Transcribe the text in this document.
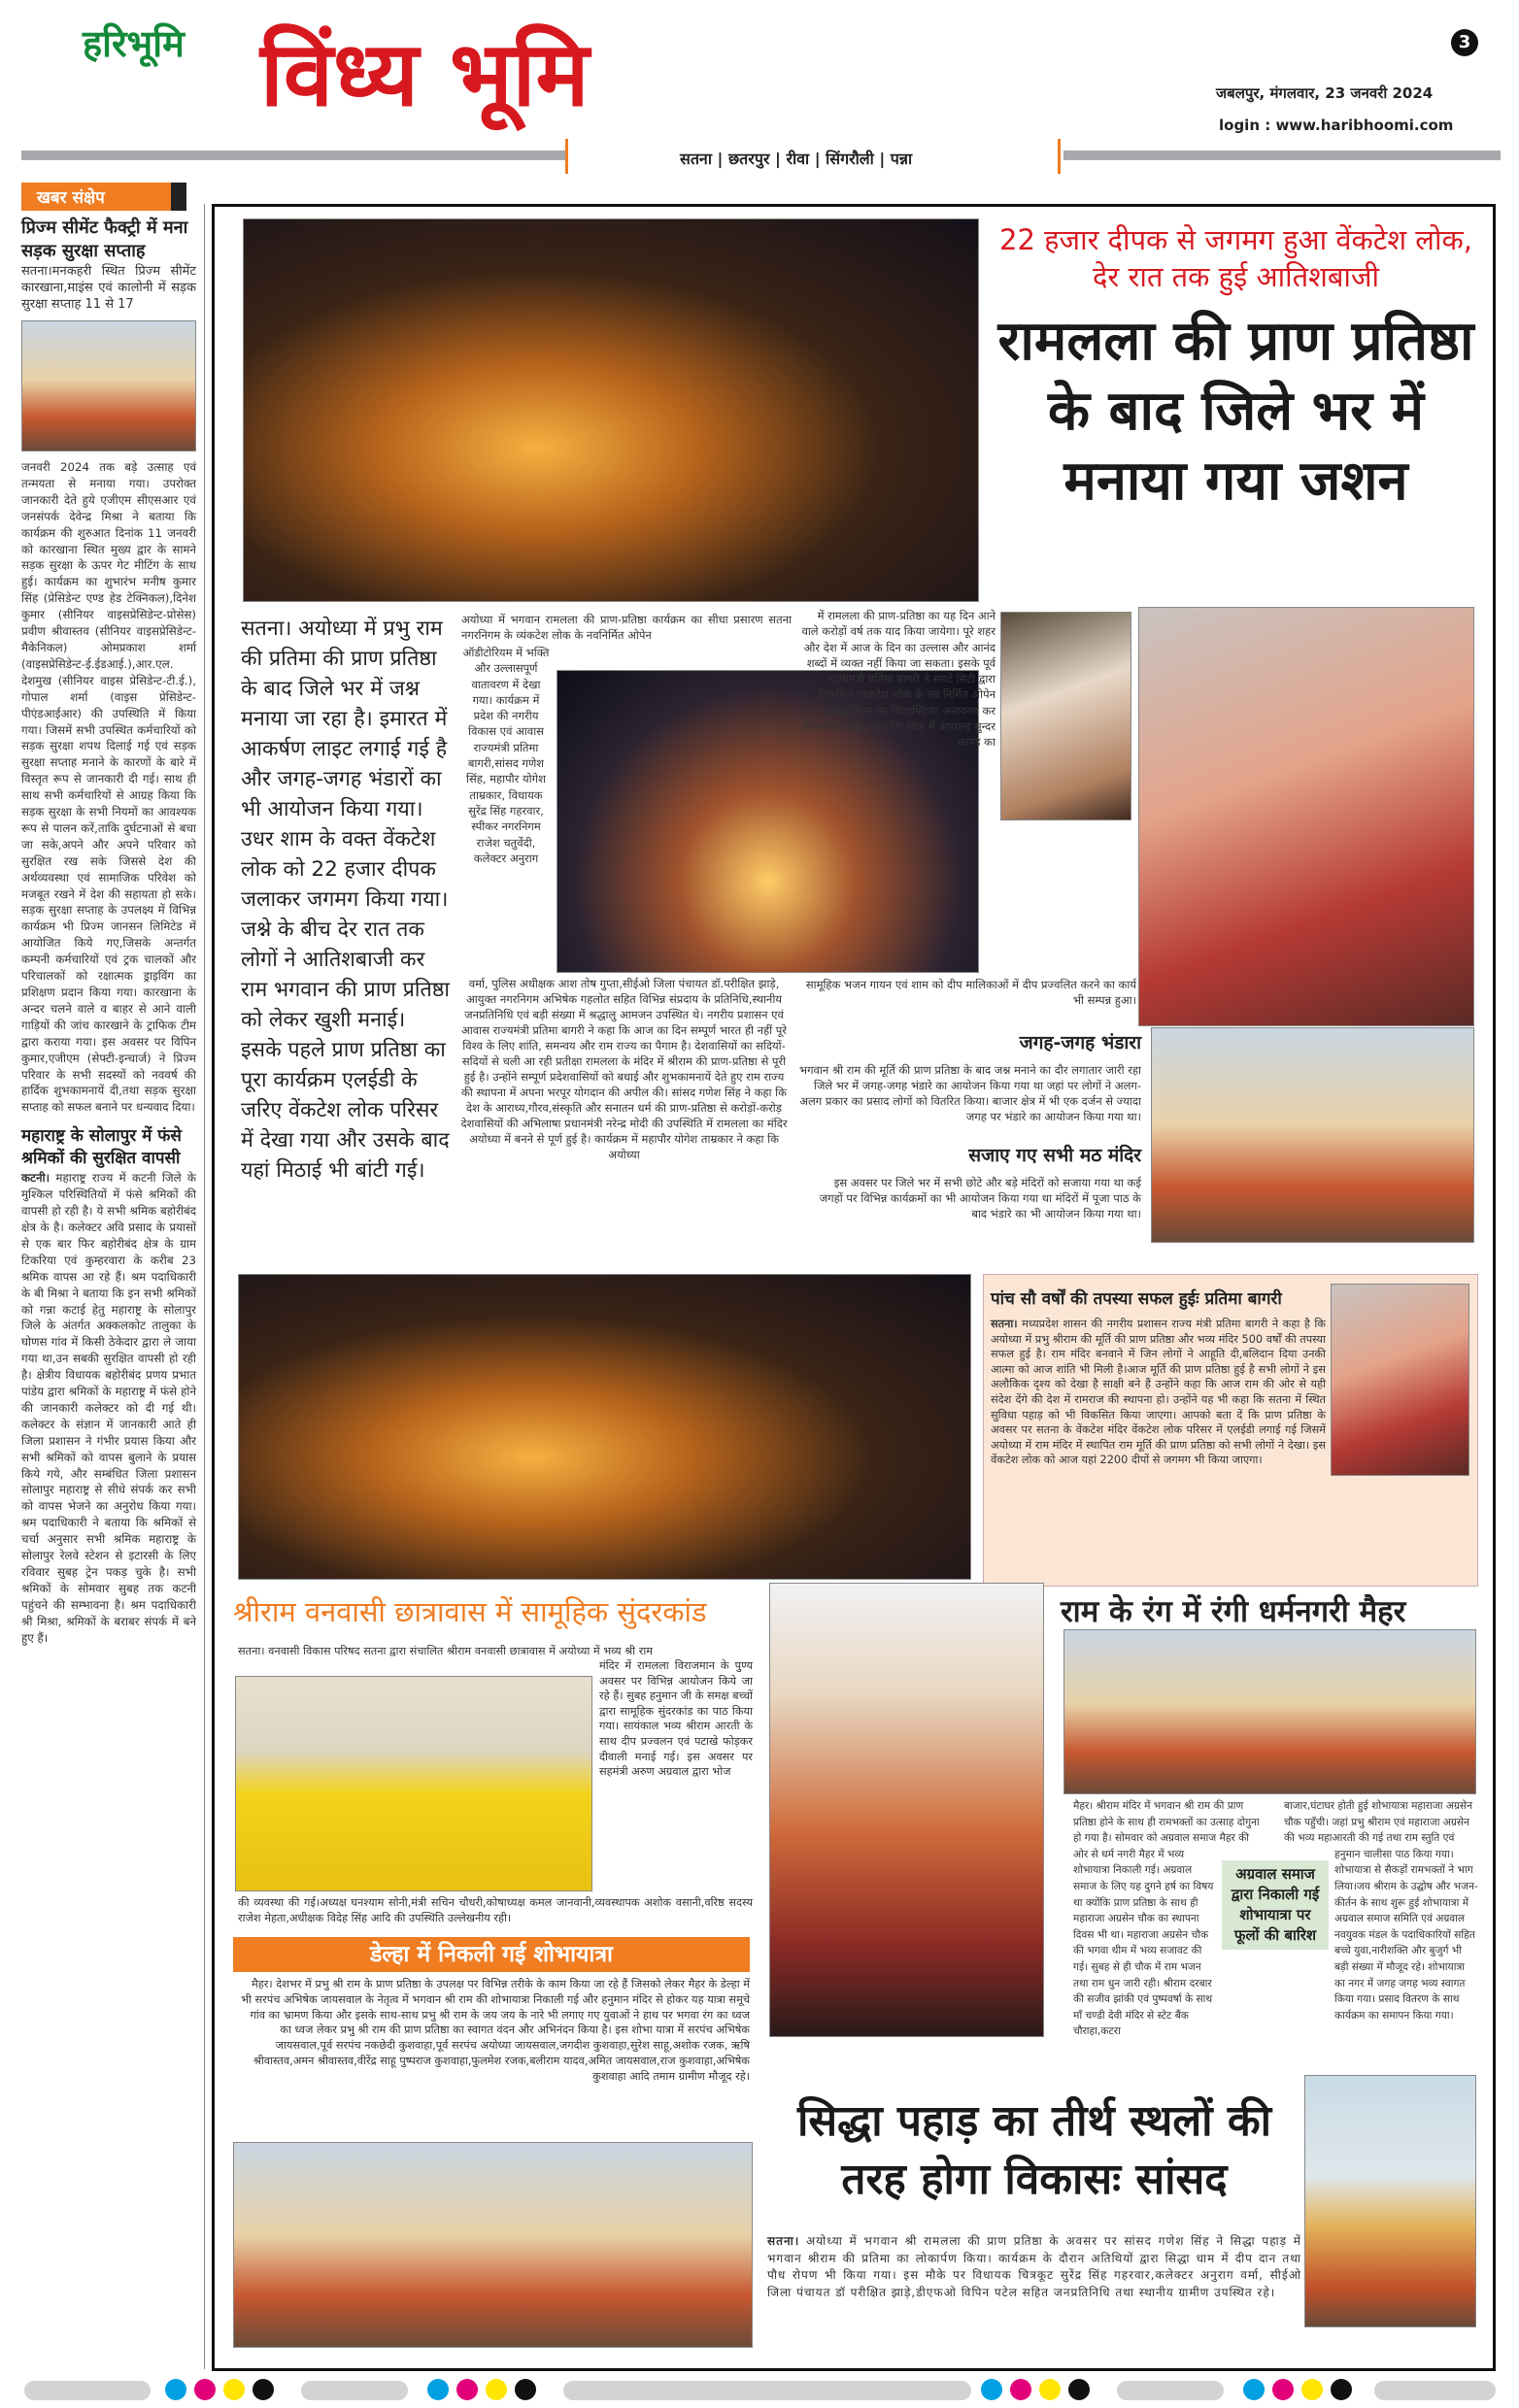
हरिभूमि विंध्य भूमि	3
जबलपुर, मंगलवार, 23 जनवरी 2024
login : www.haribhoomi.com
सतना | छतरपुर | रीवा | सिंगरौली | पन्ना
खबर संक्षेप
प्रिज्म सीमेंट फैक्ट्री में मना सड़क सुरक्षा सप्ताह
सतना।मनकहरी स्थित प्रिज्म सीमेंट कारखाना,माइंस एवं कालोनी में सड़क सुरक्षा सप्ताह 11 से 17
जनवरी 2024 तक बड़े उत्साह एवं तन्मयता से मनाया गया। उपरोक्त जानकारी देते हुये एजीएम सीएसआर एवं जनसंपर्क देवेन्द्र मिश्रा ने बताया कि कार्यक्रम की शुरुआत दिनांक 11 जनवरी को कारखाना स्थित मुख्य द्वार के सामने सड़क सुरक्षा के ऊपर गेट मीटिंग के साथ हुई। कार्यक्रम का शुभारंभ मनीष कुमार सिंह (प्रेसिडेन्ट एण्ड हेड टेक्निकल),दिनेश कुमार (सीनियर वाइसप्रेसिडेन्ट-प्रोसेस) प्रवीण श्रीवास्तव (सीनियर वाइसप्रेसिडेन्ट- मैकेनिकल) ओमप्रकाश शर्मा (वाइसप्रेसिडेन्ट-ई.ईडआई.),आर.एल. देशमुख (सीनियर वाइस प्रेसिडेन्ट-टी.ई.), गोपाल शर्मा (वाइस प्रेसिडेन्ट-पीएंडआईआर) की उपस्थिति में किया गया। जिसमें सभी उपस्थित कर्मचारियों को सड़क सुरक्षा शपथ दिलाई गई एवं सड़क सुरक्षा सप्ताह मनाने के कारणों के बारे में विस्तृत रूप से जानकारी दी गई। साथ ही साथ सभी कर्मचारियों से आग्रह किया कि सड़क सुरक्षा के सभी नियमों का आवश्यक रूप से पालन करें,ताकि दुर्घटनाओं से बचा जा सके,अपने और अपने परिवार को सुरक्षित रख सके जिससे देश की अर्थव्यवस्था एवं सामाजिक परिवेश को मजबूत रखने में देश की सहायता हो सके। सड़क सुरक्षा सप्ताह के उपलक्ष्य में विभिन्न कार्यक्रम भी प्रिज्म जानसन लिमिटेड में आयोजित किये गए,जिसके अन्तर्गत कम्पनी कर्मचारियों एवं ट्रक चालकों और परिचालकों को रक्षात्मक ड्राइविंग का प्रशिक्षण प्रदान किया गया। कारखाना के अन्दर चलने वाले व बाहर से आने वाली गाड़ियों की जांच कारखाने के ट्राफिक टीम द्वारा कराया गया। इस अवसर पर विपिन कुमार,एजीएम (सेफ्टी-इन्चार्ज) ने प्रिज्म परिवार के सभी सदस्यों को नववर्ष की हार्दिक शुभकामनायें दी,तथा सड़क सुरक्षा सप्ताह को सफल बनाने पर धन्यवाद दिया।
महाराष्ट्र के सोलापुर में फंसे श्रमिकों की सुरक्षित वापसी
कटनी। महाराष्ट्र राज्य में कटनी जिले के मुश्किल परिस्थितियों में फंसे श्रमिकों की वापसी हो रही है। ये सभी श्रमिक बहोरीबंद क्षेत्र के है। कलेक्टर अवि प्रसाद के प्रयासों से एक बार फिर बहोरीबंद क्षेत्र के ग्राम टिकरिया एवं कुम्हरवारा के करीब 23 श्रमिक वापस आ रहे हैं। श्रम पदाधिकारी के बी मिश्रा ने बताया कि इन सभी श्रमिकों को गन्ना कटाई हेतु महाराष्ट्र के सोलापुर जिले के अंतर्गत अक्कलकोट तालुका के घोणस गांव में किसी ठेकेदार द्वारा ले जाया गया था,उन सबकी सुरक्षित वापसी हो रही है। क्षेत्रीय विधायक बहोरीबंद प्रणय प्रभात पांडेय द्वारा श्रमिकों के महाराष्ट्र में फंसे होने की जानकारी कलेक्टर को दी गई थी। कलेक्टर के संज्ञान में जानकारी आते ही जिला प्रशासन ने गंभीर प्रयास किया और सभी श्रमिकों को वापस बुलाने के प्रयास किये गये, और सम्बंधित जिला प्रशासन सोलापुर महाराष्ट्र से सीधे संपर्क कर सभी को वापस भेजने का अनुरोध किया गया। श्रम पदाधिकारी ने बताया कि श्रमिकों से चर्चा अनुसार सभी श्रमिक महाराष्ट्र के सोलापुर रेलवे स्टेशन से इटारसी के लिए रविवार सुबह ट्रेन पकड़ चुके है। सभी श्रमिकों के सोमवार सुबह तक कटनी पहुंचने की सम्भावना है। श्रम पदाधिकारी श्री मिश्रा, श्रमिकों के बराबर संपर्क में बने हुए हैं।
22 हजार दीपक से जगमग हुआ वेंकटेश लोक, देर रात तक हुई आतिशबाजी
रामलला की प्राण प्रतिष्ठा के बाद जिले भर में मनाया गया जशन
सतना। अयोध्या में प्रभु राम की प्रतिमा की प्राण प्रतिष्ठा के बाद जिले भर में जश्न मनाया जा रहा है। इमारत में आकर्षण लाइट लगाई गई है और जगह-जगह भंडारों का भी आयोजन किया गया। उधर शाम के वक्त वेंकटेश लोक को 22 हजार दीपक जलाकर जगमग किया गया। जश्ने के बीच देर रात तक लोगों ने आतिशबाजी कर राम भगवान की प्राण प्रतिष्ठा को लेकर खुशी मनाई। इसके पहले प्राण प्रतिष्ठा का पूरा कार्यक्रम एलईडी के जरिए वेंकटेश लोक परिसर में देखा गया और उसके बाद यहां मिठाई भी बांटी गई।
अयोध्या में भगवान रामलला की प्राण-प्रतिष्ठा कार्यक्रम का सीधा प्रसारण सतना नगरनिगम के व्यंकटेश लोक के नवनिर्मित ओपेन
ऑडीटोरियम में भक्ति और उल्लासपूर्ण वातावरण में देखा गया। कार्यक्रम में प्रदेश की नगरीय विकास एवं आवास राज्यमंत्री प्रतिमा बागरी,सांसद गणेश सिंह, महापौर योगेश ताम्रकार, विधायक सुरेंद्र सिंह गहरवार, स्पीकर नगरनिगम राजेश चतुर्वेदी, कलेक्टर अनुराग
वर्मा, पुलिस अधीक्षक आश तोष गुप्ता,सीईओ जिला पंचायत डॉ.परीक्षित झाड़े, आयुक्त नगरनिगम अभिषेक गहलोत सहित विभिन्न संप्रदाय के प्रतिनिधि,स्थानीय जनप्रतिनिधि एवं बड़ी संख्या में श्रद्धालु आमजन उपस्थित थे। नगरीय प्रशासन एवं आवास राज्यमंत्री प्रतिमा बागरी ने कहा कि आज का दिन सम्पूर्ण भारत ही नहीं पूरे विश्व के लिए शांति, समन्वय और राम राज्य का पैगाम है। देशवासियों का सदियों-सदियों से चली आ रही प्रतीक्षा रामलला के मंदिर में श्रीराम की प्राण-प्रतिष्ठा से पूरी हुई है। उन्होंने सम्पूर्ण प्रदेशवासियों को बधाई और शुभकामनायें देते हुए राम राज्य की स्थापना में अपना भरपूर योगदान की अपील की। सांसद गणेश सिंह ने कहा कि देश के आराध्य,गौरव,संस्कृति और सनातन धर्म की प्राण-प्रतिष्ठा से करोड़ों-करोड़ देशवासियों की अभिलाषा प्रधानमंत्री नरेन्द्र मोदी की उपस्थिति में रामलला का मंदिर अयोध्या में बनने से पूर्ण हुई है। कार्यक्रम में महापौर योगेश ताम्रकार ने कहा कि अयोध्या
में रामलला की प्राण-प्रतिष्ठा का यह दिन आने वाले करोड़ों वर्ष तक याद किया जायेगा। पूरे शहर और देश में आज के दिन का उल्लास और आनंद शब्दों में व्यक्त नहीं किया जा सकता। इसके पूर्व राज्यमंत्री प्रतिमा बागरी ने स्मार्ट सिटी द्वारा विकसित व्यंकटेश लोक के नव निर्मित ओपेन आडीटोरियम का शिलाफ्ट्टिका अनावरण कर लोकार्पण किया। व्यंकटेश लोक में अपरान्ह सुन्दर काण्ड का
सामूहिक भजन गायन एवं शाम को दीप मालिकाओं में दीप प्रज्वलित करने का कार्य भी सम्पन्न हुआ।
जगह-जगह भंडारा
भगवान श्री राम की मूर्ति की प्राण प्रतिष्ठा के बाद जश्न मनाने का दौर लगातार जारी रहा जिले भर में जगह-जगह भंडारे का आयोजन किया गया था जहां पर लोगों ने अलग-अलग प्रकार का प्रसाद लोगों को वितरित किया। बाजार क्षेत्र में भी एक दर्जन से ज्यादा जगह पर भंडारे का आयोजन किया गया था।
सजाए गए सभी मठ मंदिर
इस अवसर पर जिले भर में सभी छोटे और बड़े मंदिरों को सजाया गया था कई जगहों पर विभिन्न कार्यक्रमों का भी आयोजन किया गया था मंदिरों में पूजा पाठ के बाद भंडारे का भी आयोजन किया गया था।
पांच सौ वर्षों की तपस्या सफल हुईः प्रतिमा बागरी
सतना। मध्यप्रदेश शासन की नगरीय प्रशासन राज्य मंत्री प्रतिमा बागरी ने कहा है कि अयोध्या में प्रभु श्रीराम की मूर्ति की प्राण प्रतिष्ठा और भव्य मंदिर 500 वर्षों की तपस्या सफल हुई है। राम मंदिर बनवाने में जिन लोगों ने आहूति दी,बलिदान दिया उनकी आत्मा को आज शांति भी मिली है।आज मूर्ति की प्राण प्रतिष्ठा हुई है सभी लोगों ने इस अलौकिक दृश्य को देखा है साक्षी बने हैं उन्होंने कहा कि आज राम की ओर से यही संदेश देंगे की देश में रामराज की स्थापना हो। उन्होंने यह भी कहा कि सतना में स्थित सुविधा पहाड़ को भी विकसित किया जाएगा। आपको बता दें कि प्राण प्रतिष्ठा के अवसर पर सतना के वेंकटेश मंदिर वेंकटेश लोक परिसर में एलईडी लगाई गई जिसमें अयोध्या में राम मंदिर में स्थापित राम मूर्ति की प्राण प्रतिष्ठा को सभी लोगों ने देखा। इस वेंकटेश लोक को आज यहां 2200 दीपों से जगमग भी किया जाएगा।
श्रीराम वनवासी छात्रावास में सामूहिक सुंदरकांड
सतना। वनवासी विकास परिषद सतना द्वारा संचालित श्रीराम वनवासी छात्रावास में अयोध्या में भव्य श्री राम
मंदिर में रामलला विराजमान के पुण्य अवसर पर विभिन्न आयोजन किये जा रहे हैं। सुबह हनुमान जी के समक्ष बच्चों द्वारा सामूहिक सुंदरकांड का पाठ किया गया। सायंकाल भव्य श्रीराम आरती के साथ दीप प्रज्वलन एवं पटाखे फोड़कर दीवाली मनाई गई। इस अवसर पर सहमंत्री अरुण अग्रवाल द्वारा भोज
की व्यवस्था की गई।अध्यक्ष घनश्याम सोनी,मंत्री सचिन चौधरी,कोषाध्यक्ष कमल जानवानी,व्यवस्थापक अशोक वसानी,वरिष्ठ सदस्य राजेश मेहता,अधीक्षक विदेह सिंह आदि की उपस्थिति उल्लेखनीय रही।
डेल्हा में निकली गई शोभायात्रा
मैहर। देशभर में प्रभु श्री राम के प्राण प्रतिष्ठा के उपलक्ष पर विभिन्न तरीके के काम किया जा रहे हैं जिसको लेकर मैहर के डेल्हा में भी सरपंच अभिषेक जायसवाल के नेतृत्व में भगवान श्री राम की शोभायात्रा निकाली गई और हनुमान मंदिर से होकर यह यात्रा समूचे गांव का भ्रामण किया और इसके साथ-साथ प्रभु श्री राम के जय जय के नारे भी लगाए गए युवाओं ने हाथ पर भगवा रंग का ध्वज का ध्वज लेकर प्रभु श्री राम की प्राण प्रतिष्ठा का स्वागत वंदन और अभिनंदन किया है। इस शोभा यात्रा में सरपंच अभिषेक जायसवाल,पूर्व सरपंच नकछेदी कुशवाहा,पूर्व सरपंच अयोध्या जायसवाल,जगदीश कुशवाहा,सुरेश साहू,अशोक रजक, ऋषि श्रीवास्तव,अमन श्रीवास्तव,वीरेंद्र साहू पुष्पराज कुशवाहा,फुलमेश रजक,बलीराम यादव,अमित जायसवाल,राज कुशवाहा,अभिषेक कुशवाहा आदि तमाम ग्रामीण मौजूद रहे।
राम के रंग में रंगी धर्मनगरी मैहर
मैहर। श्रीराम मंदिर में भगवान श्री राम की प्राण प्रतिष्ठा होने के साथ ही रामभक्तों का उत्साह दोगुना हो गया है। सोमवार को अग्रवाल समाज मैहर की ओर से धर्म नगरी मैहर में भव्य शोभायात्रा निकाली गई। अग्रवाल समाज के लिए यह दुगने हर्ष का विषय था क्योंकि प्राण प्रतिष्ठा के साथ ही महाराजा अग्रसेन चौक का स्थापना दिवस भी था। महाराजा अग्रसेन चौक की भगवा थीम में भव्य सजावट की गई। सुबह से ही चौक में राम भजन तथा राम धुन जारी रही। श्रीराम दरबार की सजीव झांकी एवं पुष्पवर्षा के साथ माँ चण्डी देवी मंदिर से स्टेट बैंक चौराहा,कटरा
अग्रवाल समाज द्वारा निकाली गई शोभायात्रा पर फूलों की बारिश
बाजार,घंटाघर होती हुई शोभायात्रा महाराजा अग्रसेन चौक पहुँची। जहां प्रभु श्रीराम एवं महाराजा अग्रसेन की भव्य महाआरती की गई तथा राम स्तुति एवं हनुमान चालीसा पाठ किया गया। शोभायात्रा से सैकड़ों रामभक्तों ने भाग लिया।जय श्रीराम के उद्घोष और भजन-कीर्तन के साथ शुरू हुई शोभायात्रा में अग्रवाल समाज समिति एवं अग्रवाल नवयुवक मंडल के पदाधिकारियों सहित बच्चे युवा,नारीशक्ति और बुजुर्ग भी बड़ी संख्या में मौजूद रहे। शोभायात्रा का नगर में जगह जगह भव्य स्वागत किया गया। प्रसाद वितरण के साथ कार्यक्रम का समापन किया गया।
सिद्धा पहाड़ का तीर्थ स्थलों की तरह होगा विकासः सांसद
सतना। अयोध्या में भगवान श्री रामलला की प्राण प्रतिष्ठा के अवसर पर सांसद गणेश सिंह ने सिद्धा पहाड़ में भगवान श्रीराम की प्रतिमा का लोकार्पण किया। कार्यक्रम के दौरान अतिथियों द्वारा सिद्धा धाम में दीप दान तथा पौध रोपण भी किया गया। इस मौके पर विधायक चित्रकूट सुरेंद्र सिंह गहरवार,कलेक्टर अनुराग वर्मा, सीईओ जिला पंचायत डॉ परीक्षित झाड़े,डीएफओ विपिन पटेल सहित जनप्रतिनिधि तथा स्थानीय ग्रामीण उपस्थित रहे।
